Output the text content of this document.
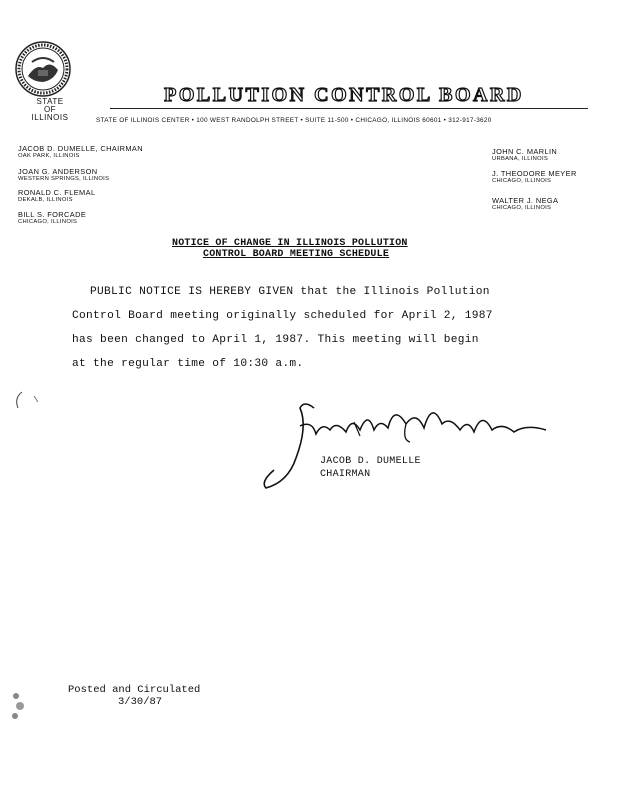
STATE
OF
ILLINOIS
POLLUTION CONTROL BOARD
STATE OF ILLINOIS CENTER • 100 WEST RANDOLPH STREET • SUITE 11-500 • CHICAGO, ILLINOIS 60601 • 312-917-3620
JACOB D. DUMELLE, CHAIRMAN
OAK PARK, ILLINOIS
JOAN G. ANDERSON
WESTERN SPRINGS, ILLINOIS
RONALD C. FLEMAL
DEKALB, ILLINOIS
BILL S. FORCADE
CHICAGO, ILLINOIS
JOHN C. MARLIN
URBANA, ILLINOIS
J. THEODORE MEYER
CHICAGO, ILLINOIS
WALTER J. NEGA
CHICAGO, ILLINOIS
NOTICE OF CHANGE IN ILLINOIS POLLUTION
CONTROL BOARD MEETING SCHEDULE
PUBLIC NOTICE IS HEREBY GIVEN that the Illinois Pollution
Control Board meeting originally scheduled for April 2, 1987
has been changed to April 1, 1987. This meeting will begin
at the regular time of 10:30 a.m.
JACOB D. DUMELLE
CHAIRMAN
Posted and Circulated
3/30/87
